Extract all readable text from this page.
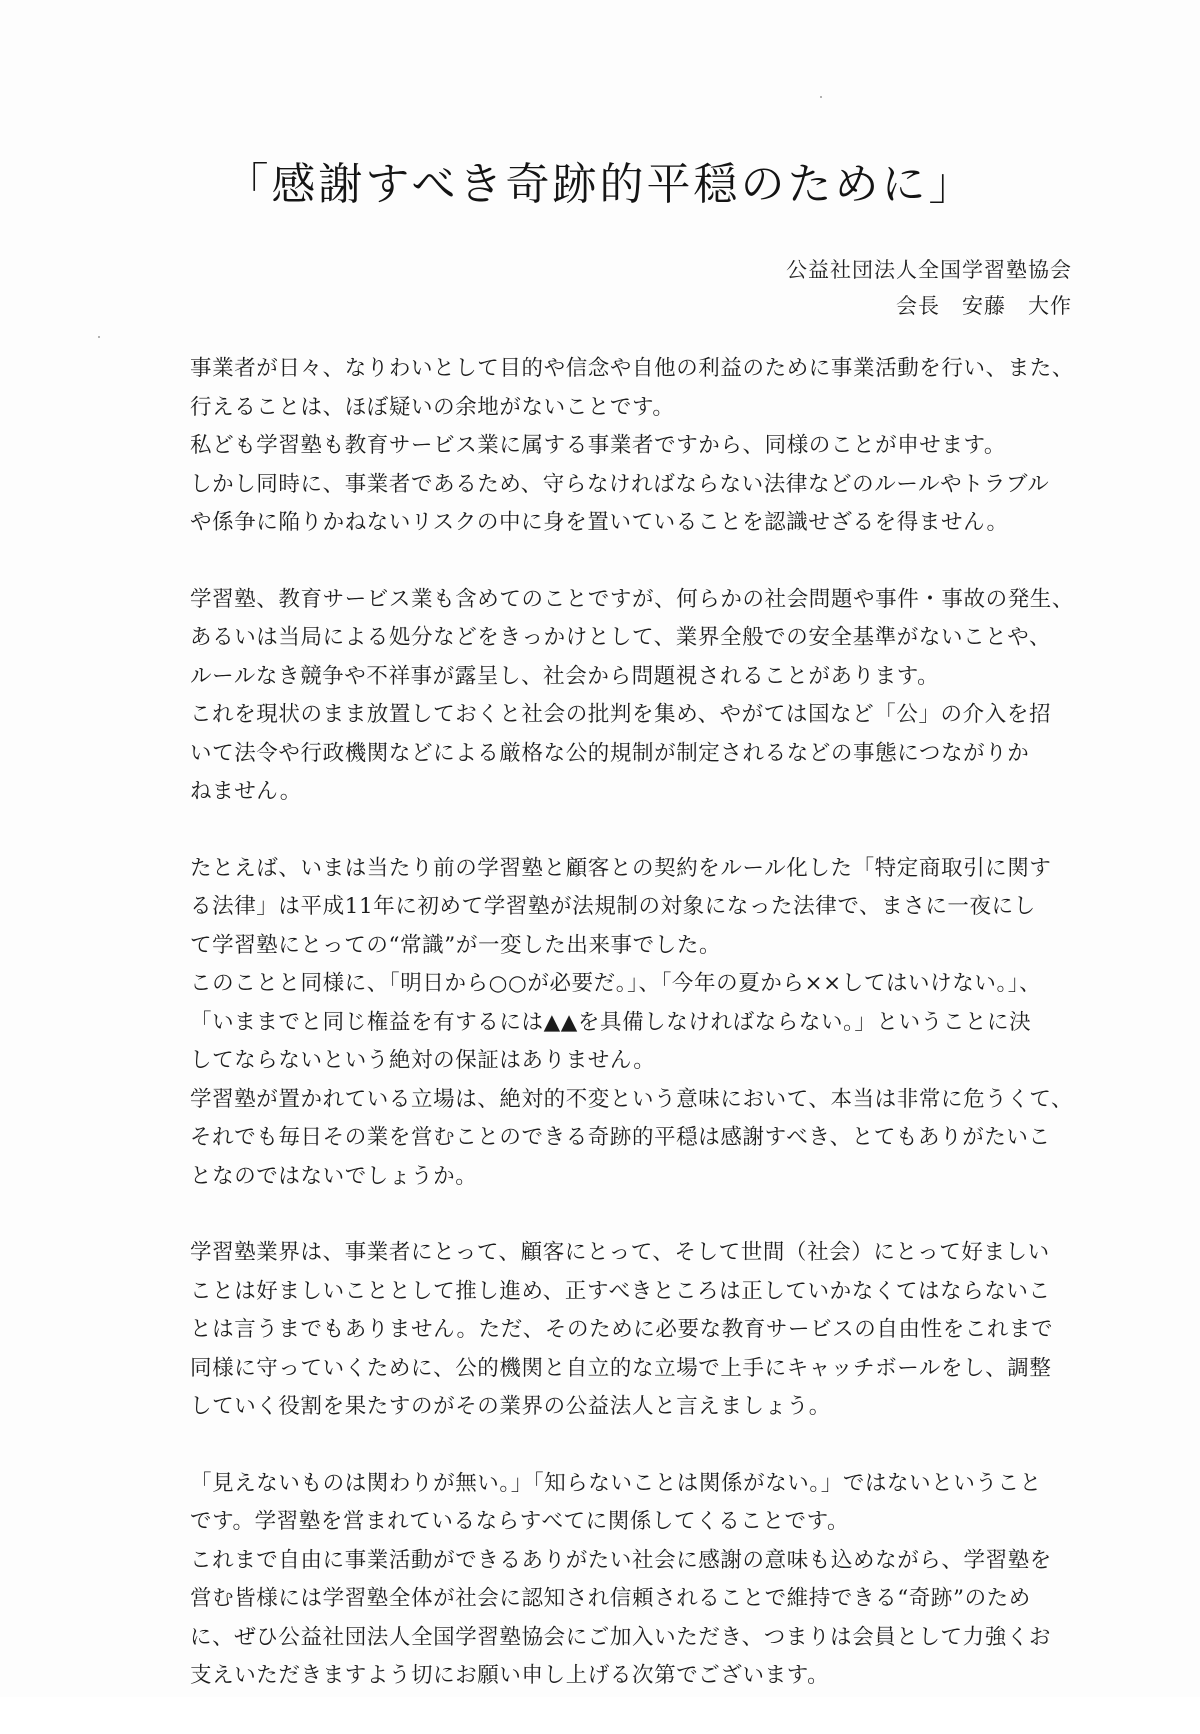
「感謝すべき奇跡的平穏のために」
公益社団法人全国学習塾協会
会長　安藤　大作

事業者が日々、なりわいとして目的や信念や自他の利益のために事業活動を行い、また、
行えることは、ほぼ疑いの余地がないことです。
私ども学習塾も教育サービス業に属する事業者ですから、同様のことが申せます。
しかし同時に、事業者であるため、守らなければならない法律などのルールやトラブル
や係争に陥りかねないリスクの中に身を置いていることを認識せざるを得ません。

学習塾、教育サービス業も含めてのことですが、何らかの社会問題や事件・事故の発生、
あるいは当局による処分などをきっかけとして、業界全般での安全基準がないことや、
ルールなき競争や不祥事が露呈し、社会から問題視されることがあります。
これを現状のまま放置しておくと社会の批判を集め、やがては国など「公」の介入を招
いて法令や行政機関などによる厳格な公的規制が制定されるなどの事態につながりか
ねません。

たとえば、いまは当たり前の学習塾と顧客との契約をルール化した「特定商取引に関す
る法律」は平成11年に初めて学習塾が法規制の対象になった法律で、まさに一夜にし
て学習塾にとっての“常識”が一変した出来事でした。
このことと同様に、「明日から○○が必要だ。」、「今年の夏から××してはいけない。」、
「いままでと同じ権益を有するには▲▲を具備しなければならない。」ということに決
してならないという絶対の保証はありません。
学習塾が置かれている立場は、絶対的不変という意味において、本当は非常に危うくて、
それでも毎日その業を営むことのできる奇跡的平穏は感謝すべき、とてもありがたいこ
となのではないでしょうか。

学習塾業界は、事業者にとって、顧客にとって、そして世間（社会）にとって好ましい
ことは好ましいこととして推し進め、正すべきところは正していかなくてはならないこ
とは言うまでもありません。ただ、そのために必要な教育サービスの自由性をこれまで
同様に守っていくために、公的機関と自立的な立場で上手にキャッチボールをし、調整
していく役割を果たすのがその業界の公益法人と言えましょう。

「見えないものは関わりが無い。」「知らないことは関係がない。」ではないということ
です。学習塾を営まれているならすべてに関係してくることです。
これまで自由に事業活動ができるありがたい社会に感謝の意味も込めながら、学習塾を
営む皆様には学習塾全体が社会に認知され信頼されることで維持できる“奇跡”のため
に、ぜひ公益社団法人全国学習塾協会にご加入いただき、つまりは会員として力強くお
支えいただきますよう切にお願い申し上げる次第でございます。
